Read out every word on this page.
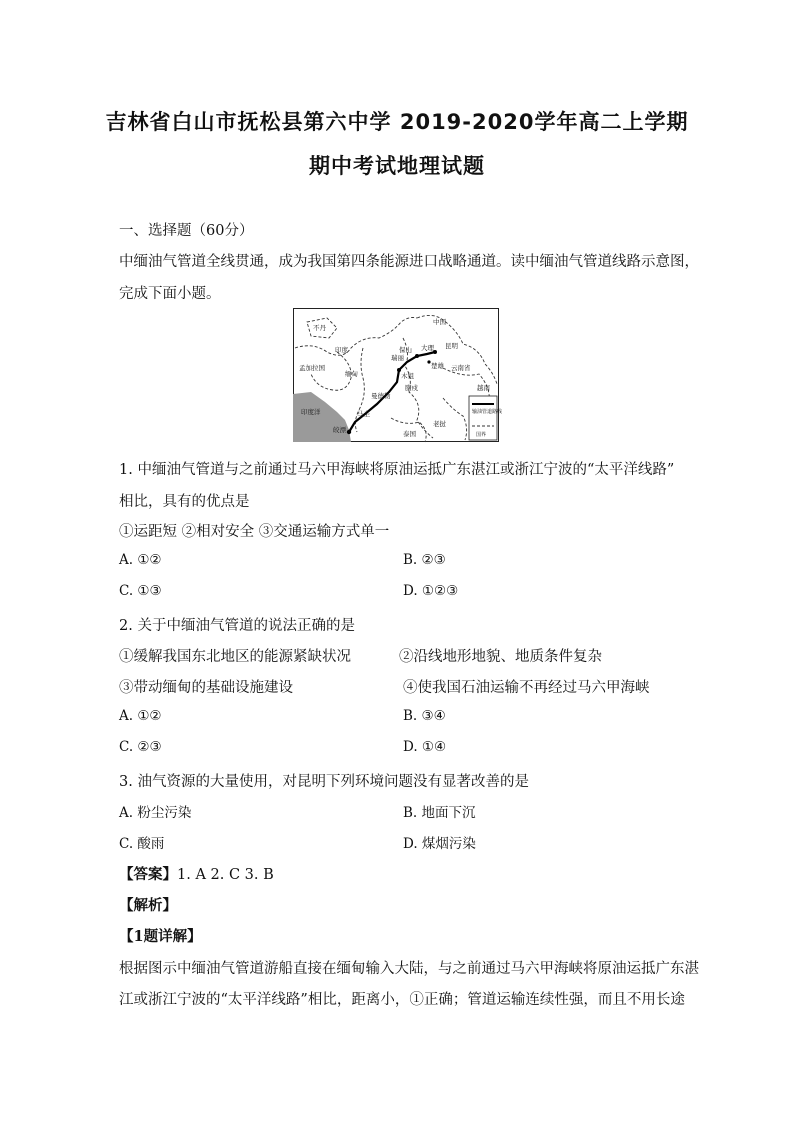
吉林省白山市抚松县第六中学 2019-2020学年高二上学期
期中考试地理试题
一、选择题（60分）
中缅油气管道全线贯通，成为我国第四条能源进口战略通道。读中缅油气管道线路示意图，
完成下面小题。
不丹
中国
印度
孟加拉国
缅甸
瑞丽
保山 大理 昆明
楚雄 云南省
越南
木姐
腊戍
曼德勒
印度洋	马圭
皎漂
老挝
泰国
输油管道路线
国界
1. 中缅油气管道与之前通过马六甲海峡将原油运抵广东湛江或浙江宁波的“太平洋线路”
相比，具有的优点是
①运距短 ②相对安全 ③交通运输方式单一
A. ①②	B. ②③
C. ①③	D. ①②③
2. 关于中缅油气管道的说法正确的是
①缓解我国东北地区的能源紧缺状况	②沿线地形地貌、地质条件复杂
③带动缅甸的基础设施建设	④使我国石油运输不再经过马六甲海峡
A. ①②	B. ③④
C. ②③	D. ①④
3. 油气资源的大量使用，对昆明下列环境问题没有显著改善的是
A. 粉尘污染	B. 地面下沉
C. 酸雨	D. 煤烟污染
【答案】1. A 2. C 3. B
【解析】
【1题详解】
根据图示中缅油气管道游船直接在缅甸输入大陆，与之前通过马六甲海峡将原油运抵广东湛
江或浙江宁波的“太平洋线路”相比，距离小，①正确；管道运输连续性强，而且不用长途
